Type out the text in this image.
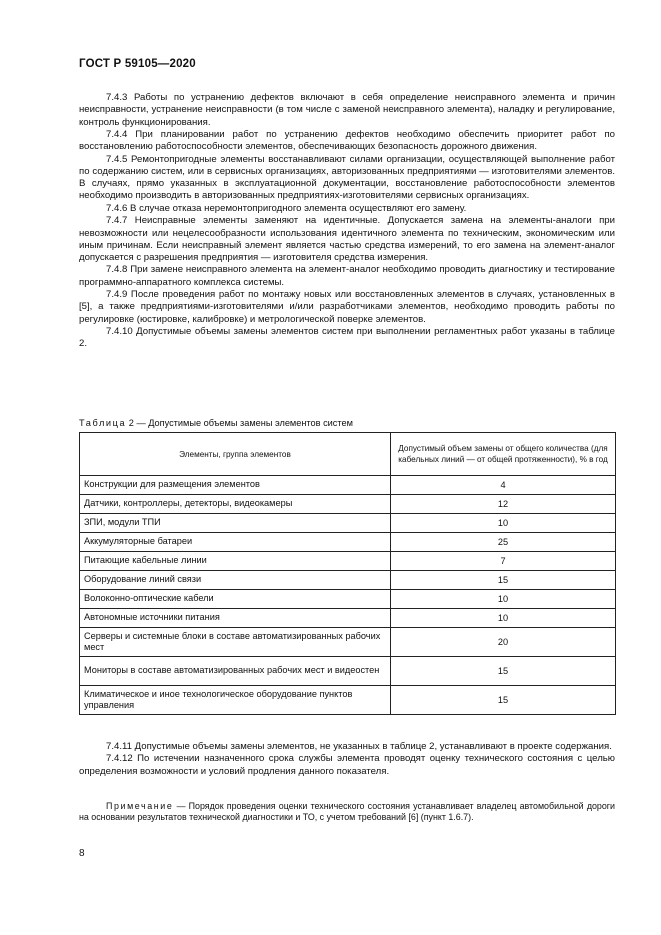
ГОСТ Р 59105—2020

7.4.3 Работы по устранению дефектов включают в себя определение неисправного элемента и причин неисправности, устранение неисправности (в том числе с заменой неисправного элемента), наладку и регулирование, контроль функционирования.

7.4.4 При планировании работ по устранению дефектов необходимо обеспечить приоритет работ по восстановлению работоспособности элементов, обеспечивающих безопасность дорожного движения.

7.4.5 Ремонтопригодные элементы восстанавливают силами организации, осуществляющей выполнение работ по содержанию систем, или в сервисных организациях, авторизованных предприятиями — изготовителями элементов. В случаях, прямо указанных в эксплуатационной документации, восстановление работоспособности элементов необходимо производить в авторизованных предприятиях-изготовителями сервисных организациях.

7.4.6 В случае отказа неремонтопригодного элемента осуществляют его замену.

7.4.7 Неисправные элементы заменяют на идентичные. Допускается замена на элементы-аналоги при невозможности или нецелесообразности использования идентичного элемента по техническим, экономическим или иным причинам. Если неисправный элемент является частью средства измерений, то его замена на элемент-аналог допускается с разрешения предприятия — изготовителя средства измерения.

7.4.8 При замене неисправного элемента на элемент-аналог необходимо проводить диагностику и тестирование программно-аппаратного комплекса системы.

7.4.9 После проведения работ по монтажу новых или восстановленных элементов в случаях, установленных в [5], а также предприятиями-изготовителями и/или разработчиками элементов, необходимо проводить работы по регулировке (юстировке, калибровке) и метрологической поверке элементов.

7.4.10 Допустимые объемы замены элементов систем при выполнении регламентных работ указаны в таблице 2.

Таблица 2 — Допустимые объемы замены элементов систем
Элементы, группа элементов	Допустимый объем замены от общего количества (для кабельных линий — от общей протяженности), % в год
Конструкции для размещения элементов	4
Датчики, контроллеры, детекторы, видеокамеры	12
ЗПИ, модули ТПИ	10
Аккумуляторные батареи	25
Питающие кабельные линии	7
Оборудование линий связи	15
Волоконно-оптические кабели	10
Автономные источники питания	10
Серверы и системные блоки в составе автоматизированных рабочих мест	20
Мониторы в составе автоматизированных рабочих мест и видеостен	15
Климатическое и иное технологическое оборудование пунктов управления	15

7.4.11 Допустимые объемы замены элементов, не указанных в таблице 2, устанавливают в проекте содержания.

7.4.12 По истечении назначенного срока службы элемента проводят оценку технического состояния с целью определения возможности и условий продления данного показателя.

Примечание — Порядок проведения оценки технического состояния устанавливает владелец автомобильной дороги на основании результатов технической диагностики и ТО, с учетом требований [6] (пункт 1.6.7).
8
